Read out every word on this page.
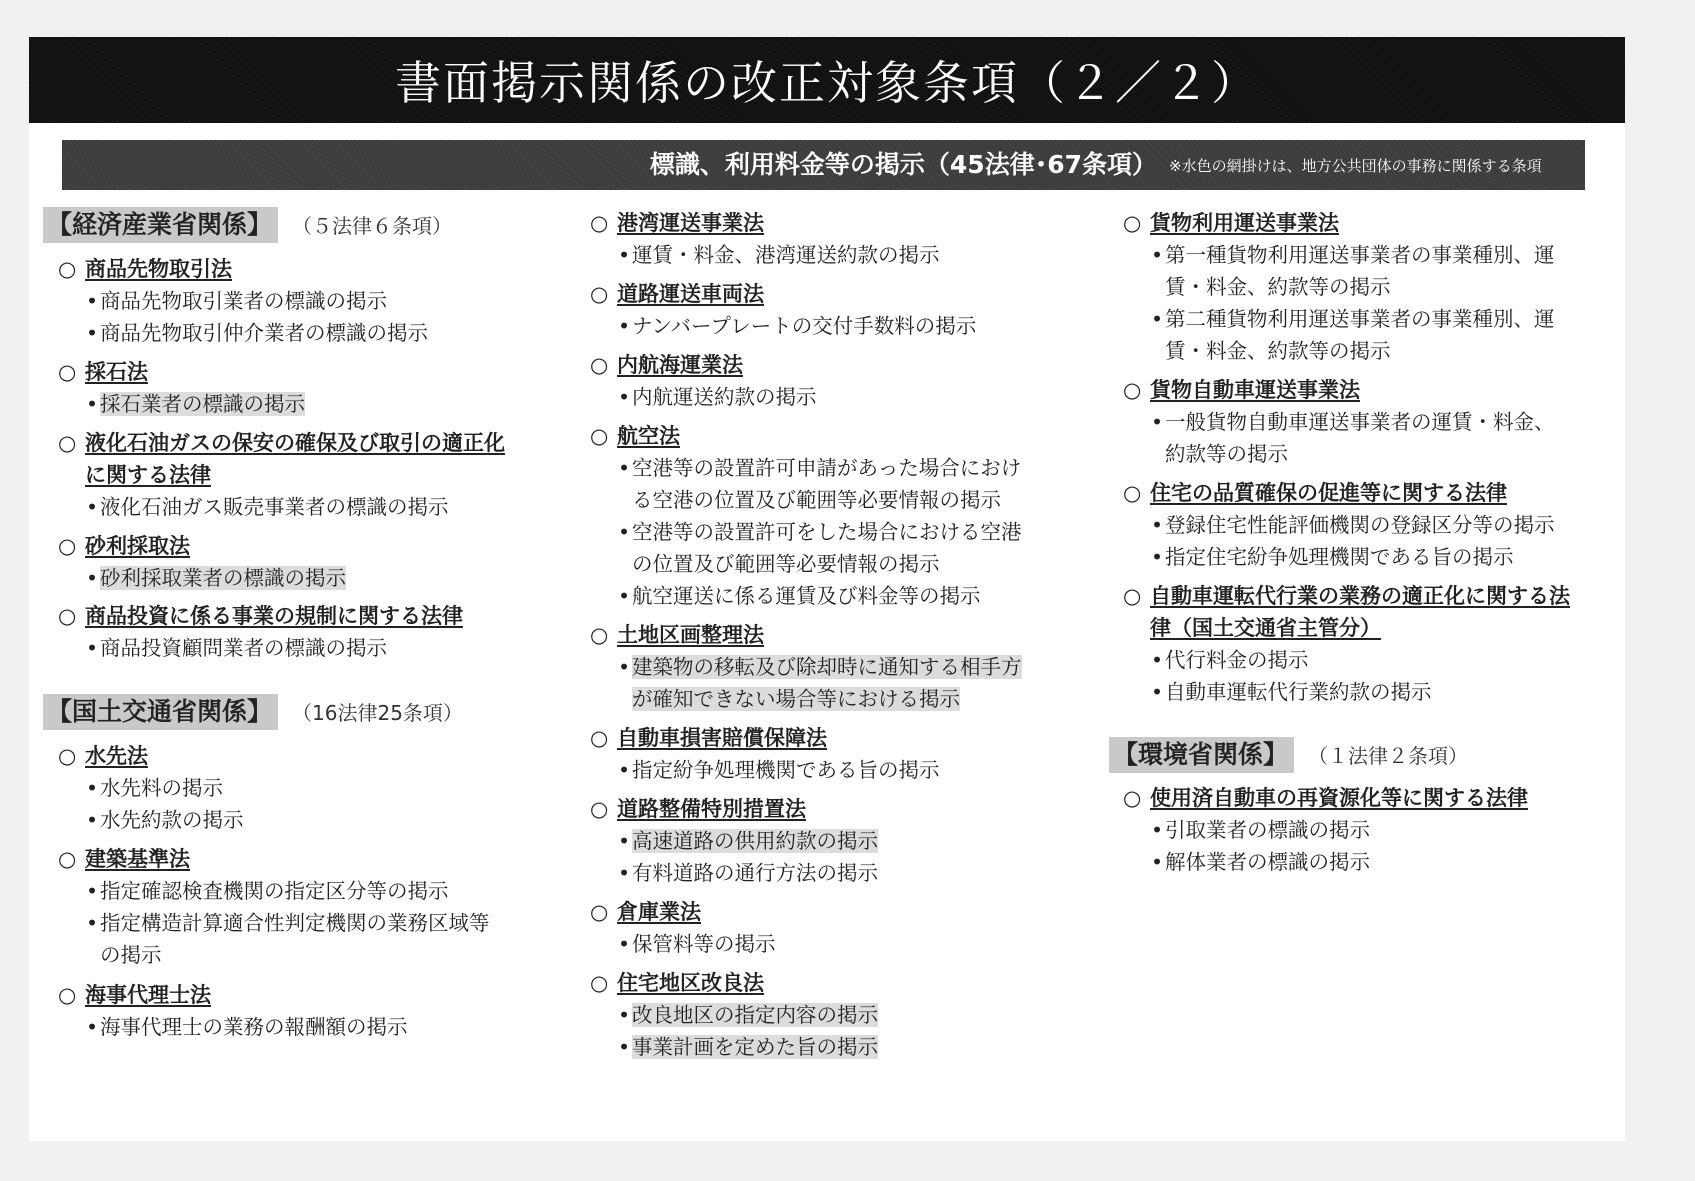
書面掲示関係の改正対象条項（２／２）
標識、利用料金等の掲示（45法律･67条項） ※水色の網掛けは、地方公共団体の事務に関係する条項
【経済産業省関係】 （５法律６条項）
○ 商品先物取引法
•商品先物取引業者の標識の掲示
•商品先物取引仲介業者の標識の掲示
○ 採石法
•採石業者の標識の掲示
○ 液化石油ガスの保安の確保及び取引の適正化
に関する法律
•液化石油ガス販売事業者の標識の掲示
○ 砂利採取法
•砂利採取業者の標識の掲示
○ 商品投資に係る事業の規制に関する法律
•商品投資顧問業者の標識の掲示
【国土交通省関係】 （16法律25条項）
○ 水先法
•水先料の掲示
•水先約款の掲示
○ 建築基準法
•指定確認検査機関の指定区分等の掲示
•指定構造計算適合性判定機関の業務区域等
の掲示
○ 海事代理士法
•海事代理士の業務の報酬額の掲示
○ 港湾運送事業法
•運賃・料金、港湾運送約款の掲示
○ 道路運送車両法
•ナンバープレートの交付手数料の掲示
○ 内航海運業法
•内航運送約款の掲示
○ 航空法
•空港等の設置許可申請があった場合におけ
る空港の位置及び範囲等必要情報の掲示
•空港等の設置許可をした場合における空港
の位置及び範囲等必要情報の掲示
•航空運送に係る運賃及び料金等の掲示
○ 土地区画整理法
•建築物の移転及び除却時に通知する相手方
が確知できない場合等における掲示
○ 自動車損害賠償保障法
•指定紛争処理機関である旨の掲示
○ 道路整備特別措置法
•高速道路の供用約款の掲示
•有料道路の通行方法の掲示
○ 倉庫業法
•保管料等の掲示
○ 住宅地区改良法
•改良地区の指定内容の掲示
•事業計画を定めた旨の掲示
○ 貨物利用運送事業法
•第一種貨物利用運送事業者の事業種別、運
賃・料金、約款等の掲示
•第二種貨物利用運送事業者の事業種別、運
賃・料金、約款等の掲示
○ 貨物自動車運送事業法
•一般貨物自動車運送事業者の運賃・料金、
約款等の掲示
○ 住宅の品質確保の促進等に関する法律
•登録住宅性能評価機関の登録区分等の掲示
•指定住宅紛争処理機関である旨の掲示
○ 自動車運転代行業の業務の適正化に関する法
律（国土交通省主管分）
•代行料金の掲示
•自動車運転代行業約款の掲示
【環境省関係】 （１法律２条項）
○ 使用済自動車の再資源化等に関する法律
•引取業者の標識の掲示
•解体業者の標識の掲示
